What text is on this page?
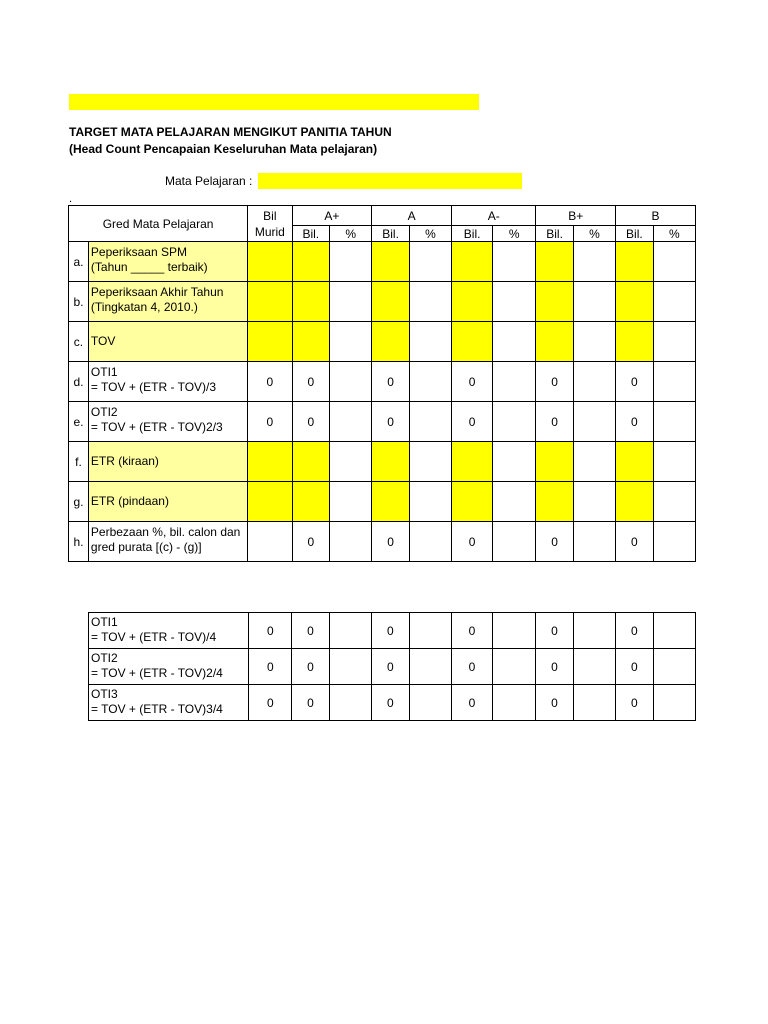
TARGET MATA PELAJARAN MENGIKUT PANITIA TAHUN
(Head Count Pencapaian Keseluruhan Mata pelajaran)
Mata Pelajaran :
.
Gred Mata Pelajaran		Bil Murid	A+		A		A-		B+		B	
			Bil.	%	Bil.	%	Bil.	%	Bil.	%	Bil.	%
a.	Peperiksaan SPM
(Tahun _____ terbaik)											
b.	Peperiksaan Akhir Tahun
(Tingkatan 4, 2010.)											
c.	TOV											
d.	OTI1
= TOV + (ETR - TOV)/3	0	0		0		0		0		0	
e.	OTI2
= TOV + (ETR - TOV)2/3	0	0		0		0		0		0	
f.	ETR (kiraan)											
g.	ETR (pindaan)											
h.	Perbezaan %, bil. calon dan
gred purata [(c) - (g)]		0		0		0		0		0	
OTI1
= TOV + (ETR - TOV)/4	0	0		0		0		0		0	
OTI2
= TOV + (ETR - TOV)2/4	0	0		0		0		0		0	
OTI3
= TOV + (ETR - TOV)3/4	0	0		0		0		0		0	
